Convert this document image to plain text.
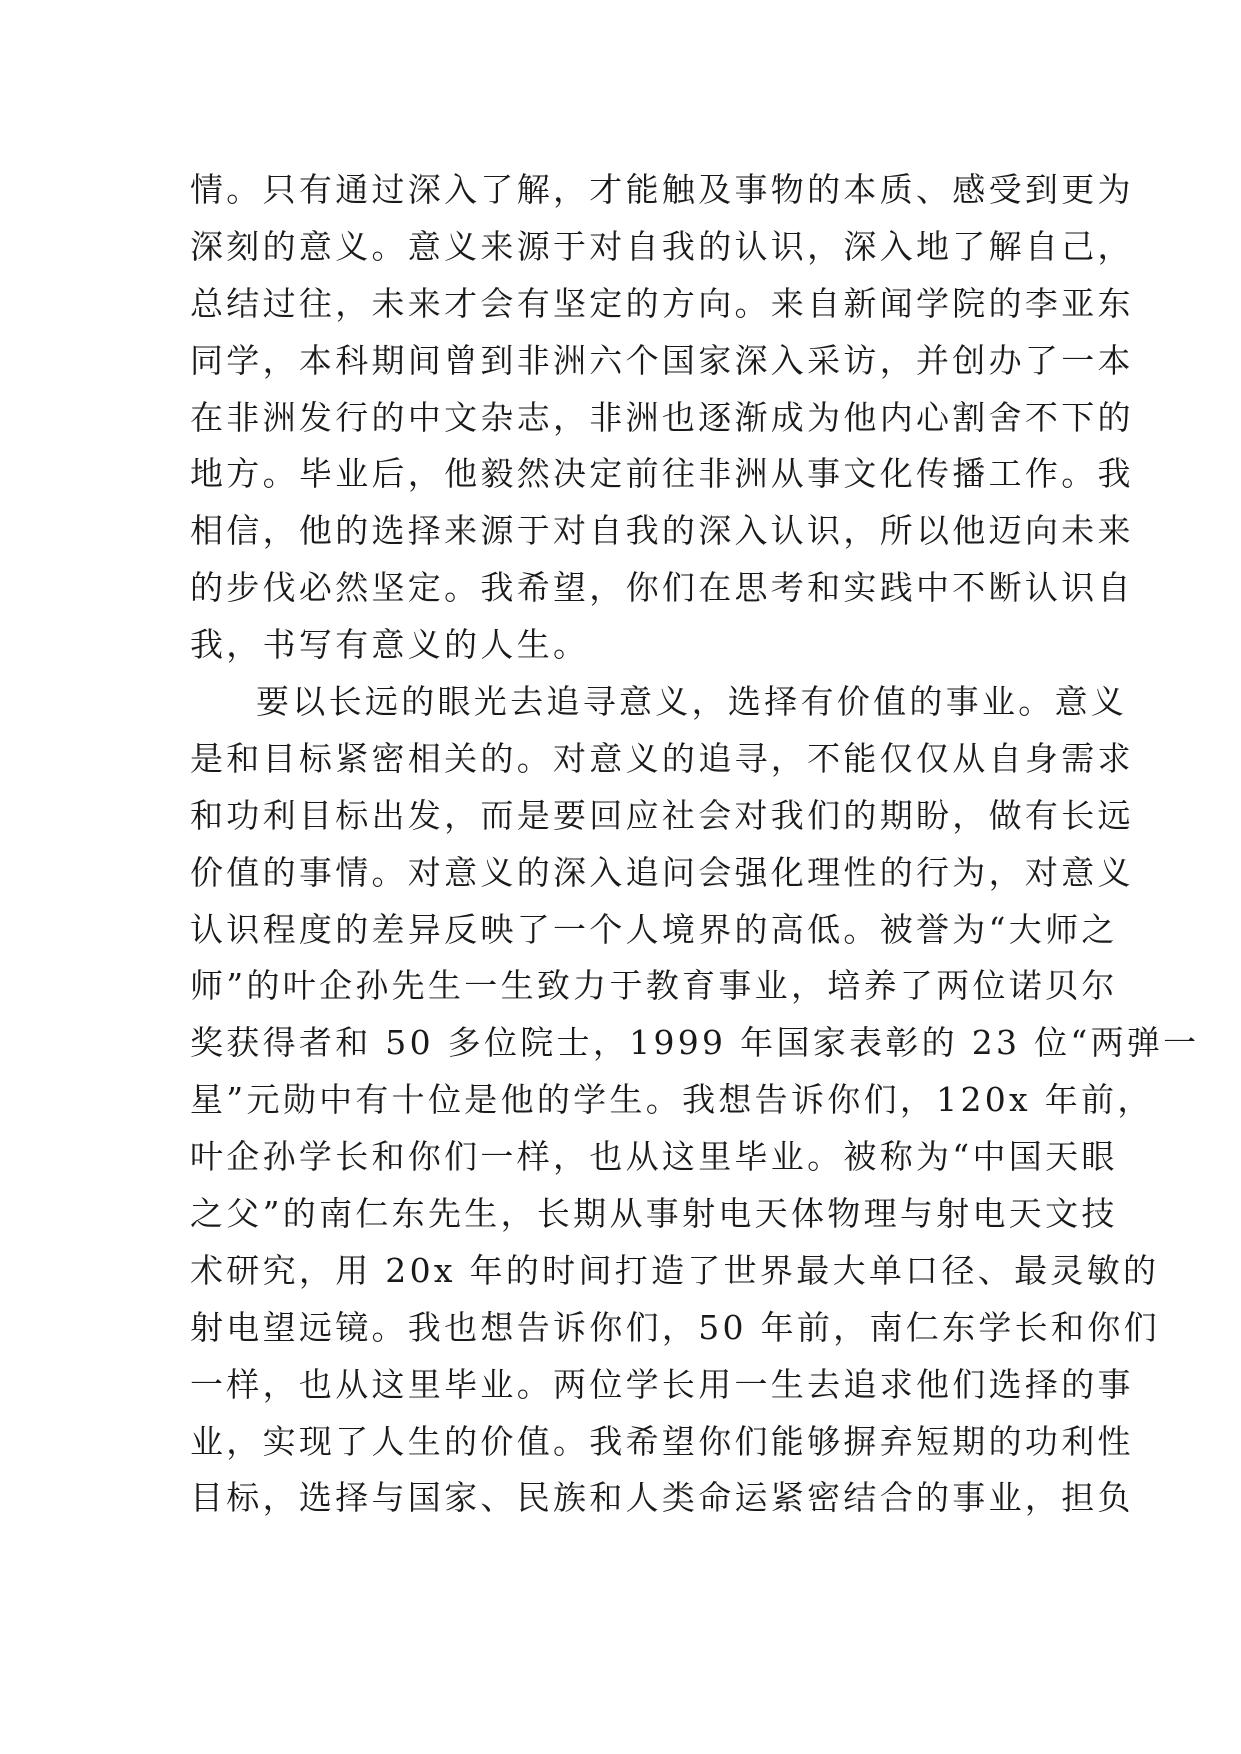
情。只有通过深入了解，才能触及事物的本质、感受到更为
深刻的意义。意义来源于对自我的认识，深入地了解自己，
总结过往，未来才会有坚定的方向。来自新闻学院的李亚东
同学，本科期间曾到非洲六个国家深入采访，并创办了一本
在非洲发行的中文杂志，非洲也逐渐成为他内心割舍不下的
地方。毕业后，他毅然决定前往非洲从事文化传播工作。我
相信，他的选择来源于对自我的深入认识，所以他迈向未来
的步伐必然坚定。我希望，你们在思考和实践中不断认识自
我，书写有意义的人生。
要以长远的眼光去追寻意义，选择有价值的事业。意义
是和目标紧密相关的。对意义的追寻，不能仅仅从自身需求
和功利目标出发，而是要回应社会对我们的期盼，做有长远
价值的事情。对意义的深入追问会强化理性的行为，对意义
认识程度的差异反映了一个人境界的高低。被誉为“大师之
师”的叶企孙先生一生致力于教育事业，培养了两位诺贝尔
奖获得者和 50 多位院士，1999 年国家表彰的 23 位“两弹一
星”元勋中有十位是他的学生。我想告诉你们，120x 年前，
叶企孙学长和你们一样，也从这里毕业。被称为“中国天眼
之父”的南仁东先生，长期从事射电天体物理与射电天文技
术研究，用 20x 年的时间打造了世界最大单口径、最灵敏的
射电望远镜。我也想告诉你们，50 年前，南仁东学长和你们
一样，也从这里毕业。两位学长用一生去追求他们选择的事
业，实现了人生的价值。我希望你们能够摒弃短期的功利性
目标，选择与国家、民族和人类命运紧密结合的事业，担负
